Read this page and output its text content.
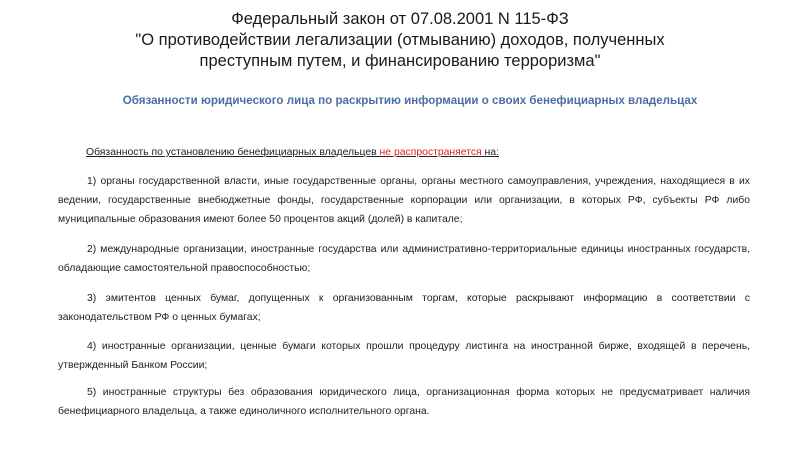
Федеральный закон от 07.08.2001 N 115-ФЗ
"О противодействии легализации (отмыванию) доходов, полученных
преступным путем, и финансированию терроризма"
Обязанности юридического лица по раскрытию информации о своих бенефициарных владельцах
Обязанность по установлению бенефициарных владельцев не распространяется на:
1) органы государственной власти, иные государственные органы, органы местного самоуправления, учреждения, находящиеся в их ведении, государственные внебюджетные фонды, государственные корпорации или организации, в которых РФ, субъекты РФ либо муниципальные образования имеют более 50 процентов акций (долей) в капитале;
2) международные организации, иностранные государства или административно-территориальные единицы иностранных государств, обладающие самостоятельной правоспособностью;
3) эмитентов ценных бумаг, допущенных к организованным торгам, которые раскрывают информацию в соответствии с законодательством РФ о ценных бумагах;
4) иностранные организации, ценные бумаги которых прошли процедуру листинга на иностранной бирже, входящей в перечень, утвержденный Банком России;
5) иностранные структуры без образования юридического лица, организационная форма которых не предусматривает наличия бенефициарного владельца, а также единоличного исполнительного органа.
